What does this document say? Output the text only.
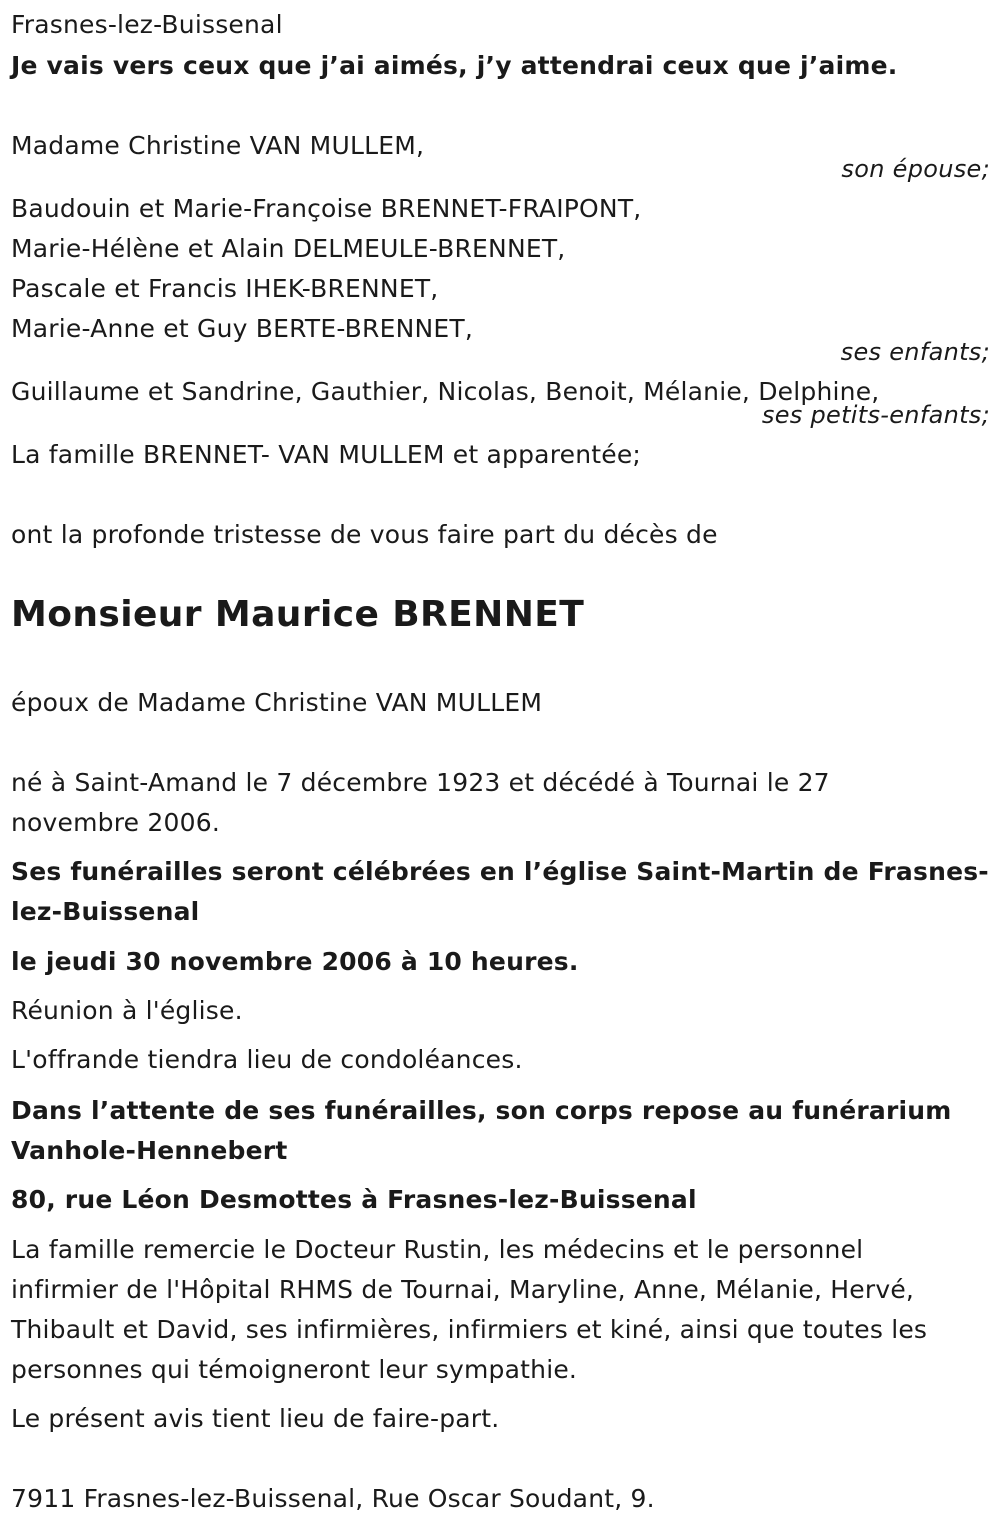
Frasnes-lez-Buissenal
Je vais vers ceux que j’ai aimés, j’y attendrai ceux que j’aime.
Madame Christine VAN MULLEM,
son épouse;
Baudouin et Marie-Françoise BRENNET-FRAIPONT,
Marie-Hélène et Alain DELMEULE-BRENNET,
Pascale et Francis IHEK-BRENNET,
Marie-Anne et Guy BERTE-BRENNET,
ses enfants;
Guillaume et Sandrine, Gauthier, Nicolas, Benoit, Mélanie, Delphine,
ses petits-enfants;
La famille BRENNET- VAN MULLEM et apparentée;
ont la profonde tristesse de vous faire part du décès de
Monsieur Maurice BRENNET
époux de Madame Christine VAN MULLEM
né à Saint-Amand le 7 décembre 1923 et décédé à Tournai le 27
novembre 2006.
Ses funérailles seront célébrées en l’église Saint-Martin de Frasnes-
lez-Buissenal
le jeudi 30 novembre 2006 à 10 heures.
Réunion à l'église.
L'offrande tiendra lieu de condoléances.
Dans l’attente de ses funérailles, son corps repose au funérarium
Vanhole-Hennebert
80, rue Léon Desmottes à Frasnes-lez-Buissenal
La famille remercie le Docteur Rustin, les médecins et le personnel
infirmier de l'Hôpital RHMS de Tournai, Maryline, Anne, Mélanie, Hervé,
Thibault et David, ses infirmières, infirmiers et kiné, ainsi que toutes les
personnes qui témoigneront leur sympathie.
Le présent avis tient lieu de faire-part.
7911 Frasnes-lez-Buissenal, Rue Oscar Soudant, 9.
